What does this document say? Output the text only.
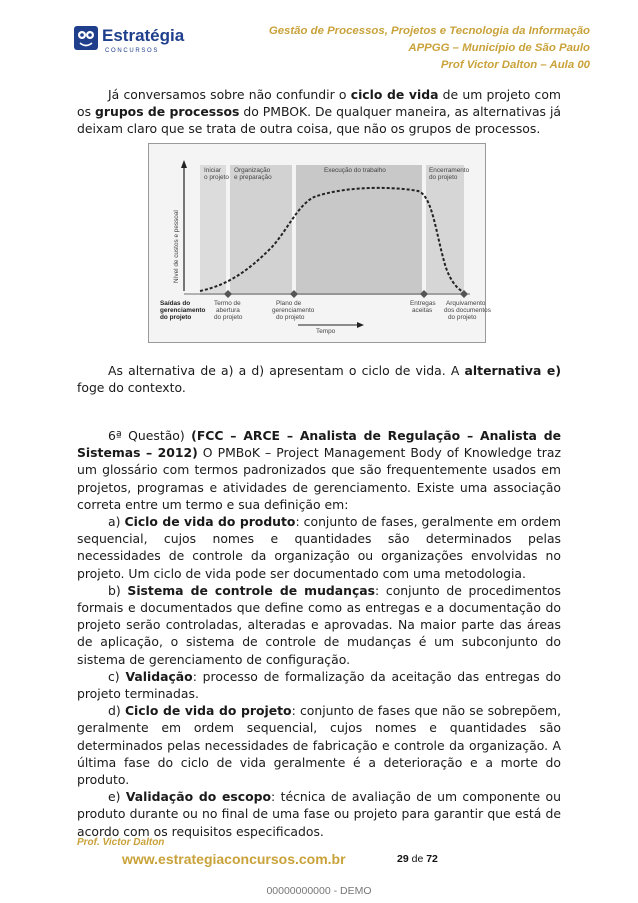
Estratégia
C O N C U R S O S
Gestão de Processos, Projetos e Tecnologia da Informação
APPGG – Município de São Paulo
Prof Victor Dalton – Aula 00

Já conversamos sobre não confundir o ciclo de vida de um projeto com os grupos de processos do PMBOK. De qualquer maneira, as alternativas já deixam claro que se trata de outra coisa, que não os grupos de processos.

Iniciar o projeto
Organização e preparação
Execução do trabalho	Encerramento do projeto
Nível de custos e pessoal
Saídas do gerenciamento do projeto
Termo de abertura do projeto
Plano de gerenciamento do projeto
Entregas aceitas
Arquivamento dos documentos do projeto
Tempo

As alternativa de a) a d) apresentam o ciclo de vida. A alternativa e) foge do contexto.

6ª Questão) (FCC – ARCE – Analista de Regulação – Analista de Sistemas – 2012) O PMBoK – Project Management Body of Knowledge traz um glossário com termos padronizados que são frequentemente usados em projetos, programas e atividades de gerenciamento. Existe uma associação correta entre um termo e sua definição em:

a) Ciclo de vida do produto: conjunto de fases, geralmente em ordem sequencial, cujos nomes e quantidades são determinados pelas necessidades de controle da organização ou organizações envolvidas no projeto. Um ciclo de vida pode ser documentado com uma metodologia.

b) Sistema de controle de mudanças: conjunto de procedimentos formais e documentados que define como as entregas e a documentação do projeto serão controladas, alteradas e aprovadas. Na maior parte das áreas de aplicação, o sistema de controle de mudanças é um subconjunto do sistema de gerenciamento de configuração.

c) Validação: processo de formalização da aceitação das entregas do projeto terminadas.

d) Ciclo de vida do projeto: conjunto de fases que não se sobrepõem, geralmente em ordem sequencial, cujos nomes e quantidades são determinados pelas necessidades de fabricação e controle da organização. A última fase do ciclo de vida geralmente é a deterioração e a morte do produto.

e) Validação do escopo: técnica de avaliação de um componente ou produto durante ou no final de uma fase ou projeto para garantir que está de acordo com os requisitos especificados.

Prof. Victor Dalton
www.estrategiaconcursos.com.br	29 de 72
00000000000 - DEMO
